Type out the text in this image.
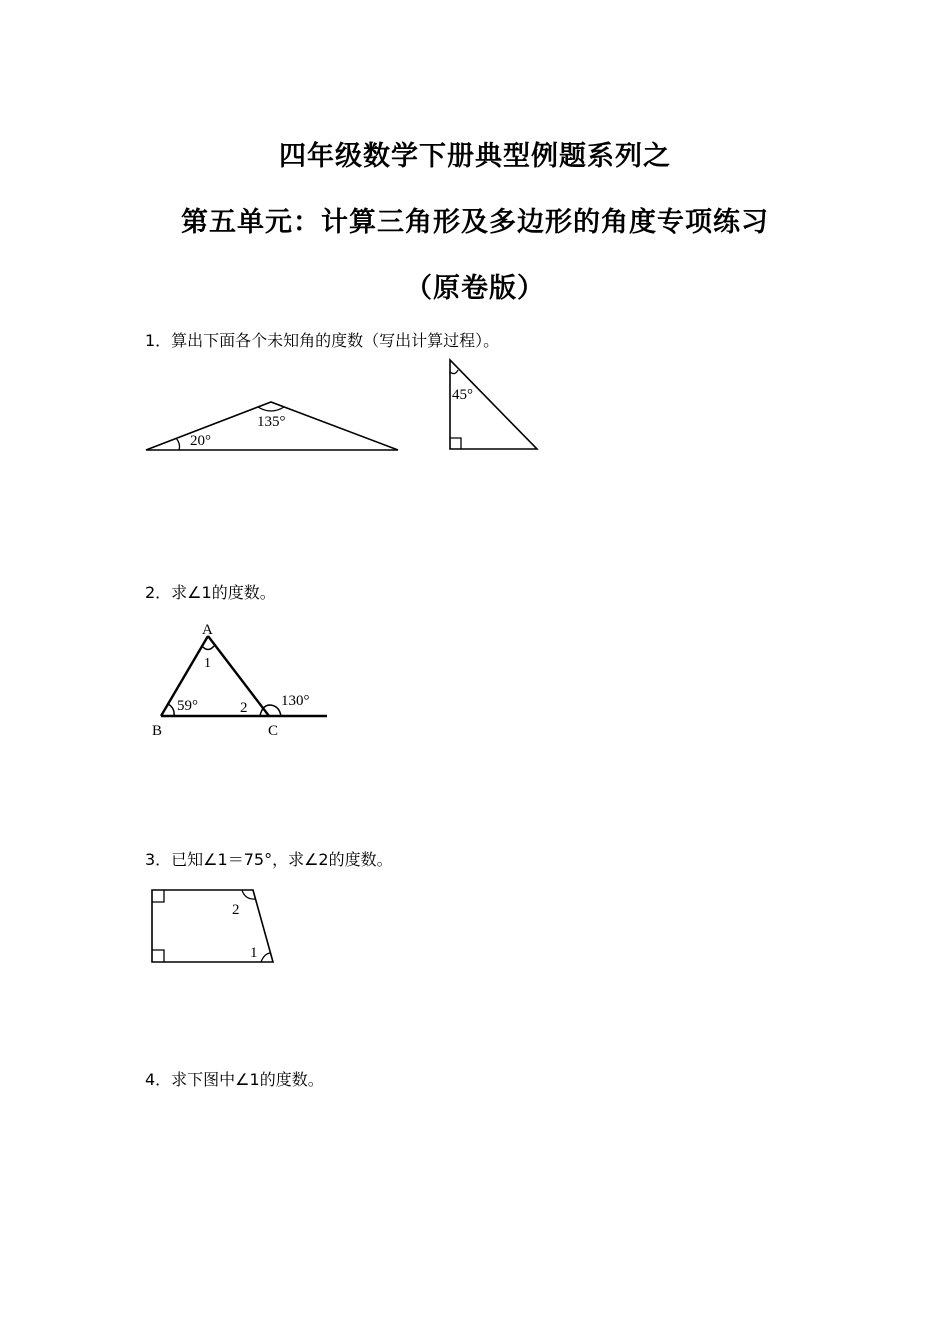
四年级数学下册典型例题系列之
第五单元：计算三角形及多边形的角度专项练习
（原卷版）
1．算出下面各个未知角的度数（写出计算过程）。
135°
20°
45°
2．求∠1的度数。
A
B	C
1
2
59°	130°
3．已知∠1＝75°，求∠2的度数。
2
1
4．求下图中∠1的度数。
